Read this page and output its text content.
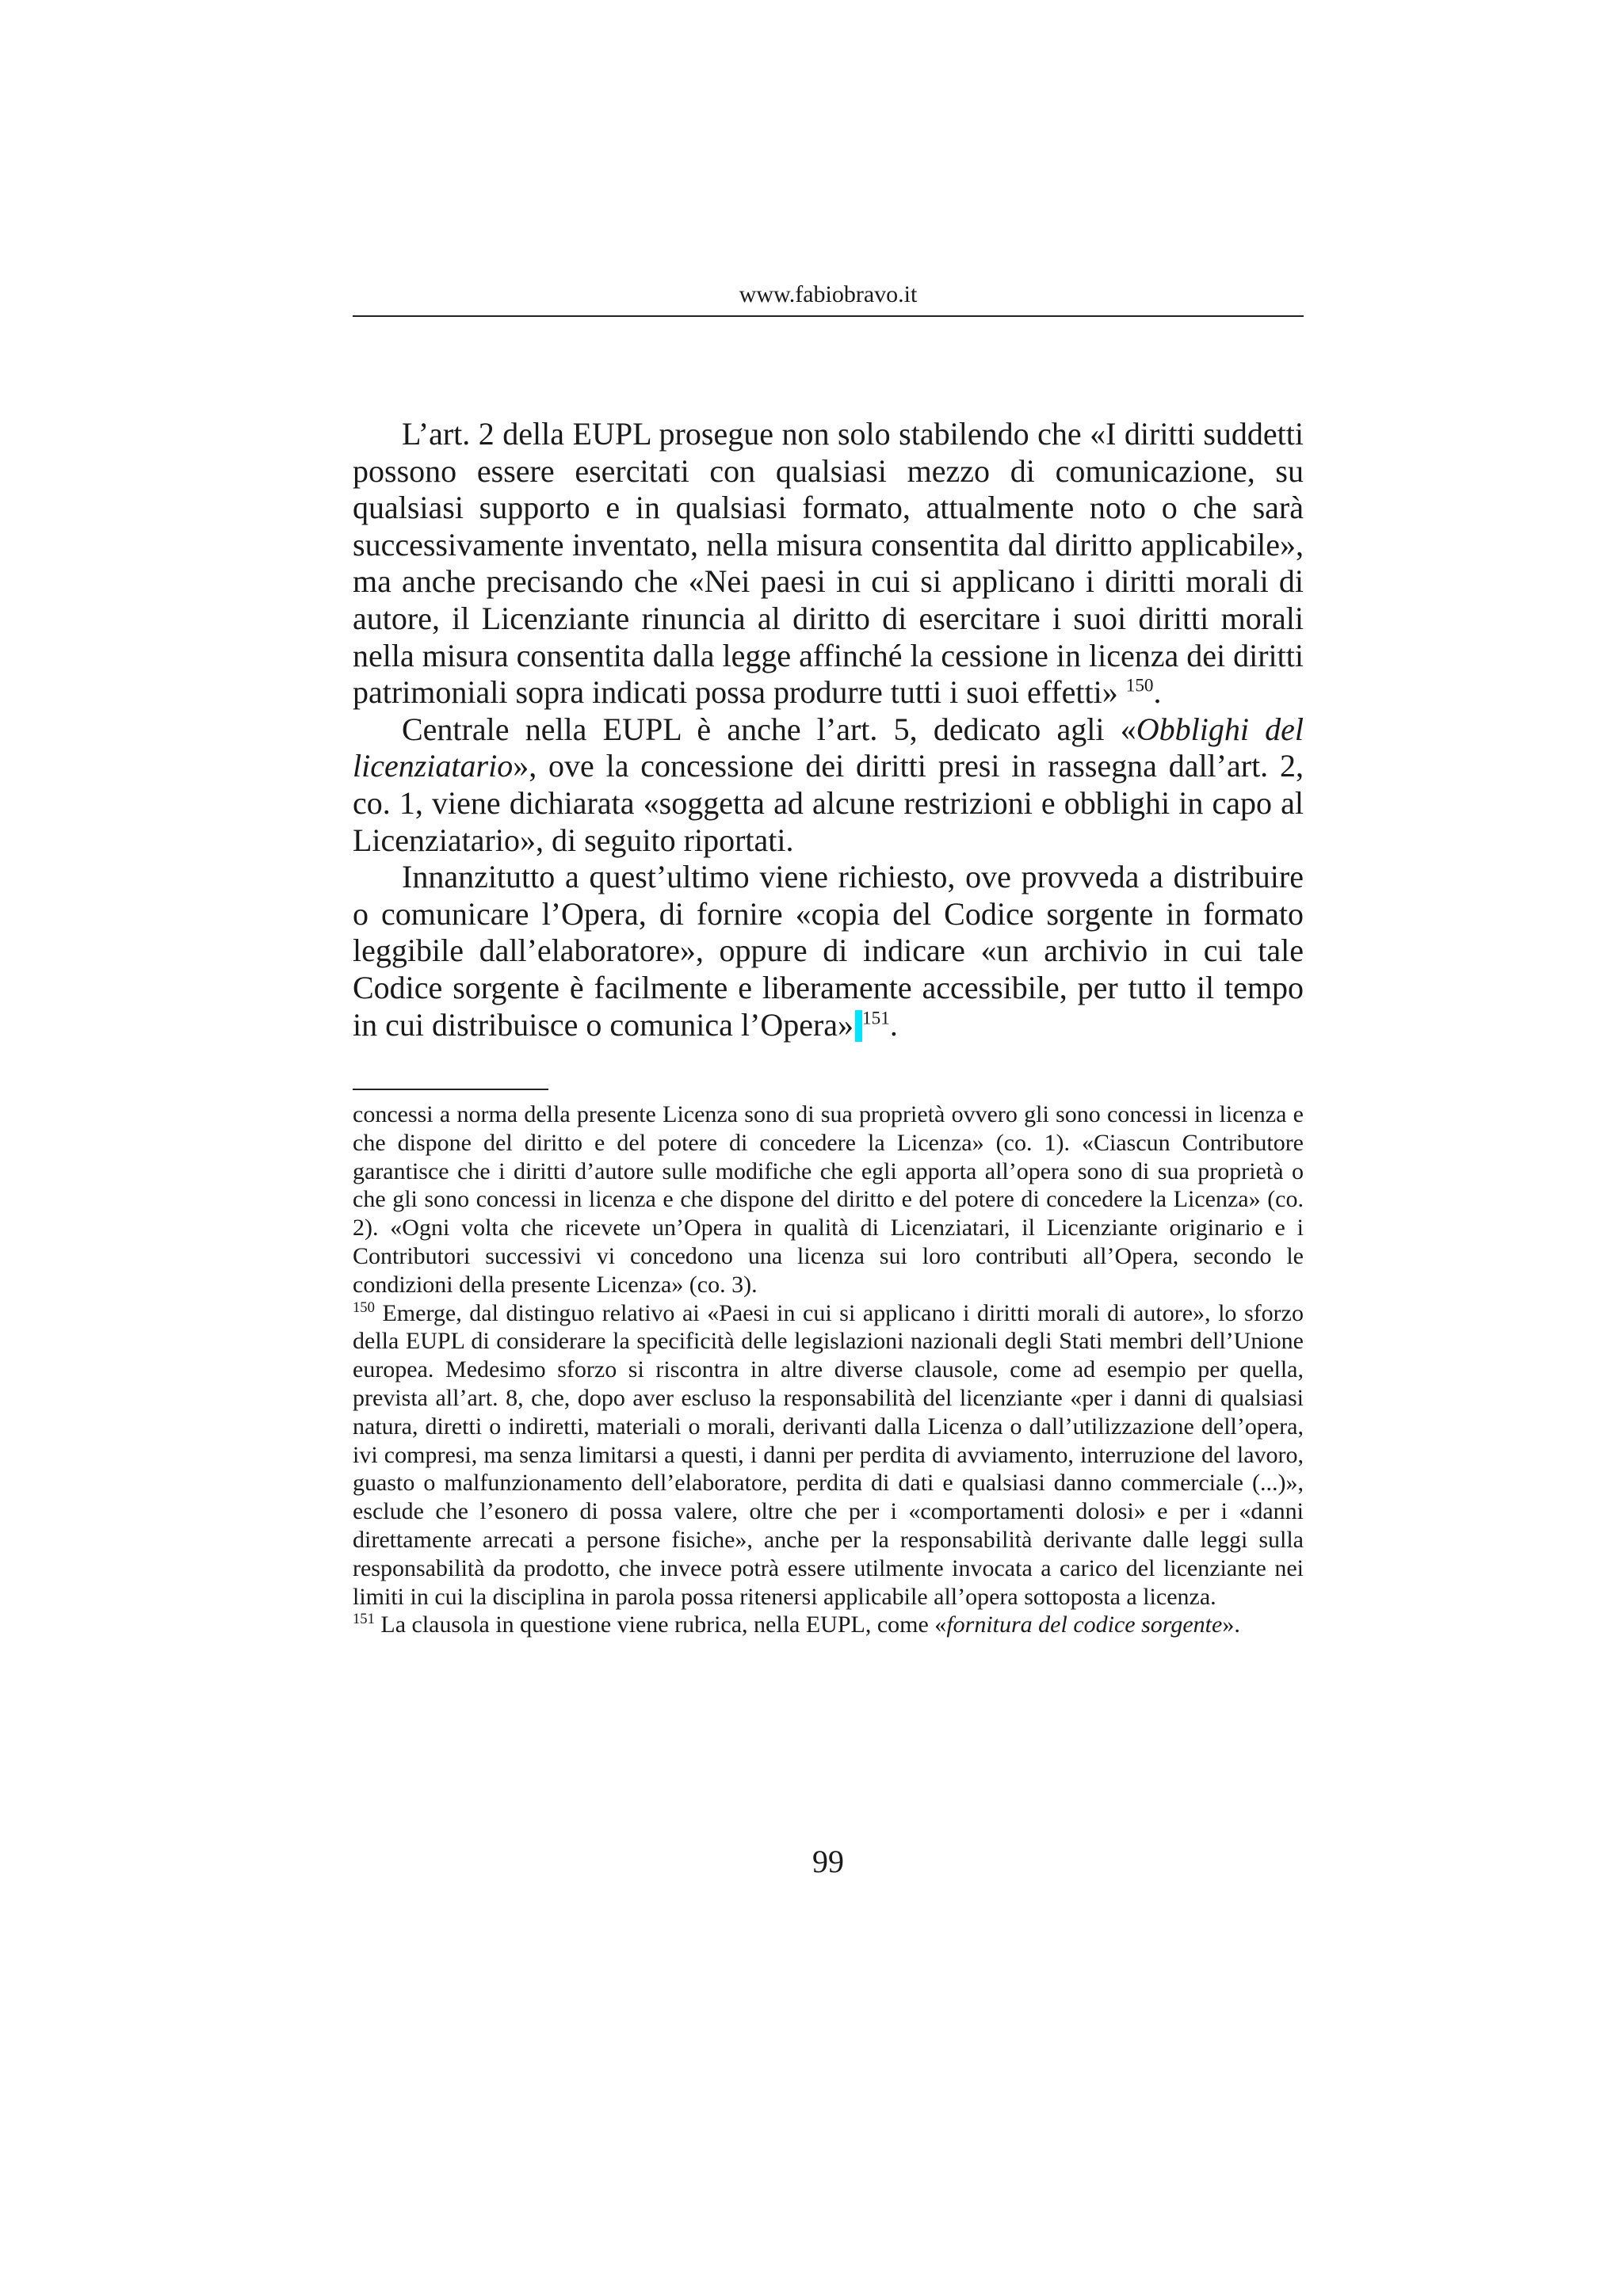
www.fabiobravo.it

L’art. 2 della EUPL prosegue non solo stabilendo che «I diritti suddetti possono essere esercitati con qualsiasi mezzo di comunicazione, su qualsiasi supporto e in qualsiasi formato, attualmente noto o che sarà successivamente inventato, nella misura consentita dal diritto applicabile», ma anche precisando che «Nei paesi in cui si applicano i diritti morali di autore, il Licenziante rinuncia al diritto di esercitare i suoi diritti morali nella misura consentita dalla legge affinché la cessione in licenza dei diritti patrimoniali sopra indicati possa produrre tutti i suoi effetti» $^{150}$.

Centrale nella EUPL è anche l’art. 5, dedicato agli «Obblighi del licenziatario», ove la concessione dei diritti presi in rassegna dall’art. 2, co. 1, viene dichiarata «soggetta ad alcune restrizioni e obblighi in capo al Licenziatario», di seguito riportati.

Innanzitutto a quest’ultimo viene richiesto, ove provveda a distribuire o comunicare l’Opera, di fornire «copia del Codice sorgente in formato leggibile dall’elaboratore», oppure di indicare «un archivio in cui tale Codice sorgente è facilmente e liberamente accessibile, per tutto il tempo in cui distribuisce o comunica l’Opera» $^{151}$.

concessi a norma della presente Licenza sono di sua proprietà ovvero gli sono concessi in licenza e che dispone del diritto e del potere di concedere la Licenza» (co. 1). «Ciascun Contributore garantisce che i diritti d’autore sulle modifiche che egli apporta all’opera sono di sua proprietà o che gli sono concessi in licenza e che dispone del diritto e del potere di concedere la Licenza» (co. 2). «Ogni volta che ricevete un’Opera in qualità di Licenziatari, il Licenziante originario e i Contributori successivi vi concedono una licenza sui loro contributi all’Opera, secondo le condizioni della presente Licenza» (co. 3).

$^{150}$ Emerge, dal distinguo relativo ai «Paesi in cui si applicano i diritti morali di autore», lo sforzo della EUPL di considerare la specificità delle legislazioni nazionali degli Stati membri dell’Unione europea. Medesimo sforzo si riscontra in altre diverse clausole, come ad esempio per quella, prevista all’art. 8, che, dopo aver escluso la responsabilità del licenziante «per i danni di qualsiasi natura, diretti o indiretti, materiali o morali, derivanti dalla Licenza o dall’utilizzazione dell’opera, ivi compresi, ma senza limitarsi a questi, i danni per perdita di avviamento, interruzione del lavoro, guasto o malfunzionamento dell’elaboratore, perdita di dati e qualsiasi danno commerciale (...)», esclude che l’esonero di possa valere, oltre che per i «comportamenti dolosi» e per i «danni direttamente arrecati a persone fisiche», anche per la responsabilità derivante dalle leggi sulla responsabilità da prodotto, che invece potrà essere utilmente invocata a carico del licenziante nei limiti in cui la disciplina in parola possa ritenersi applicabile all’opera sottoposta a licenza.

$^{151}$ La clausola in questione viene rubrica, nella EUPL, come «fornitura del codice sorgente».

99
